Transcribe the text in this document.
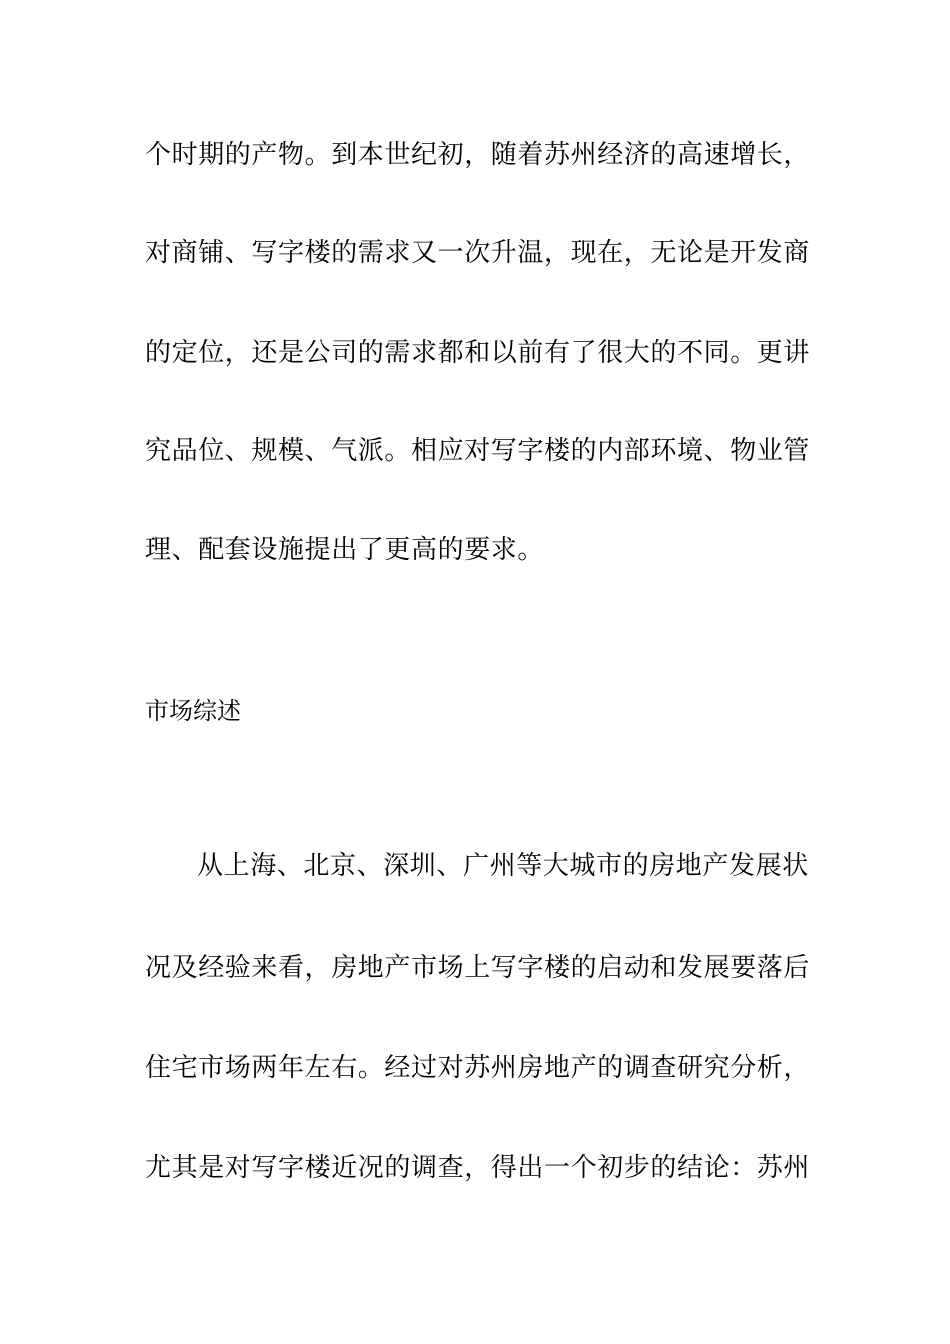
个时期的产物。到本世纪初，随着苏州经济的高速增长，
对商铺、写字楼的需求又一次升温，现在，无论是开发商
的定位，还是公司的需求都和以前有了很大的不同。更讲
究品位、规模、气派。相应对写字楼的内部环境、物业管
理、配套设施提出了更高的要求。
市场综述
从上海、北京、深圳、广州等大城市的房地产发展状
况及经验来看，房地产市场上写字楼的启动和发展要落后
住宅市场两年左右。经过对苏州房地产的调查研究分析，
尤其是对写字楼近况的调查，得出一个初步的结论：苏州
